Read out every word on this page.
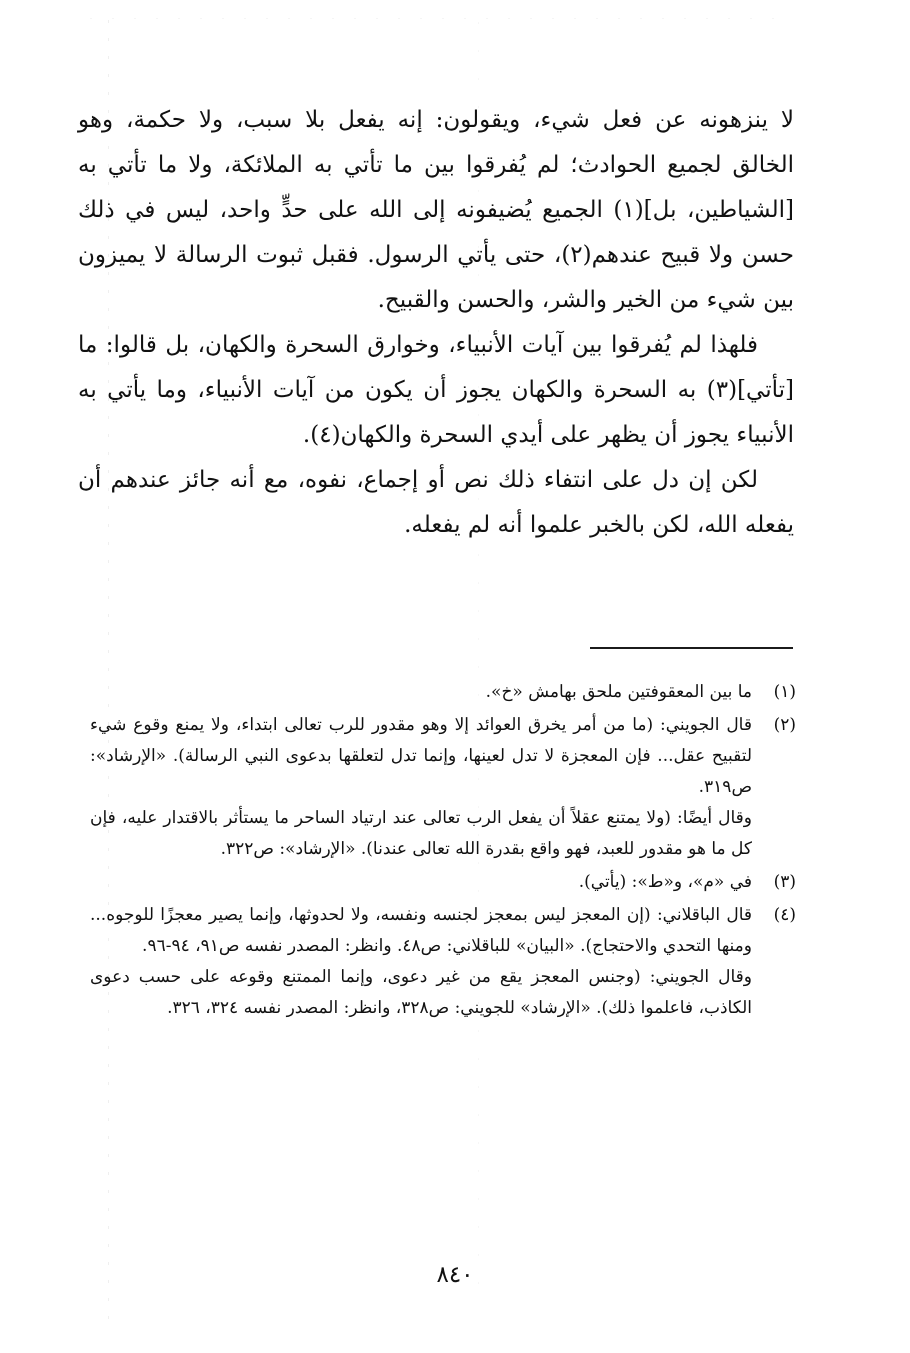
لا ينزهونه عن فعل شيء، ويقولون: إنه يفعل بلا سبب، ولا حكمة، وهو الخالق لجميع الحوادث؛ لم يُفرقوا بين ما تأتي به الملائكة، ولا ما تأتي به [الشياطين، بل](١) الجميع يُضيفونه إلى الله على حدٍّ واحد، ليس في ذلك حسن ولا قبيح عندهم(٢)، حتى يأتي الرسول. فقبل ثبوت الرسالة لا يميزون بين شيء من الخير والشر، والحسن والقبيح.

فلهذا لم يُفرقوا بين آيات الأنبياء، وخوارق السحرة والكهان، بل قالوا: ما [تأتي](٣) به السحرة والكهان يجوز أن يكون من آيات الأنبياء، وما يأتي به الأنبياء يجوز أن يظهر على أيدي السحرة والكهان(٤).

لكن إن دل على انتفاء ذلك نص أو إجماع، نفوه، مع أنه جائز عندهم أن يفعله الله، لكن بالخبر علموا أنه لم يفعله.

(١)

ما بين المعقوفتين ملحق بهامش «خ».

(٢)

قال الجويني: (ما من أمر يخرق العوائد إلا وهو مقدور للرب تعالى ابتداء، ولا يمنع وقوع شيء لتقبيح عقل... فإن المعجزة لا تدل لعينها، وإنما تدل لتعلقها بدعوى النبي الرسالة). «الإرشاد»: ص٣١٩.

وقال أيضًا: (ولا يمتنع عقلاً أن يفعل الرب تعالى عند ارتياد الساحر ما يستأثر بالاقتدار عليه، فإن كل ما هو مقدور للعبد، فهو واقع بقدرة الله تعالى عندنا). «الإرشاد»: ص٣٢٢.

(٣)

في «م»، و«ط»: (يأتي).

(٤)

قال الباقلاني: (إن المعجز ليس بمعجز لجنسه ونفسه، ولا لحدوثها، وإنما يصير معجزًا للوجوه... ومنها التحدي والاحتجاج). «البيان» للباقلاني: ص٤٨. وانظر: المصدر نفسه ص٩١، ٩٤-٩٦.

وقال الجويني: (وجنس المعجز يقع من غير دعوى، وإنما الممتنع وقوعه على حسب دعوى الكاذب، فاعلموا ذلك). «الإرشاد» للجويني: ص٣٢٨، وانظر: المصدر نفسه ٣٢٤، ٣٢٦.

٨٤٠
